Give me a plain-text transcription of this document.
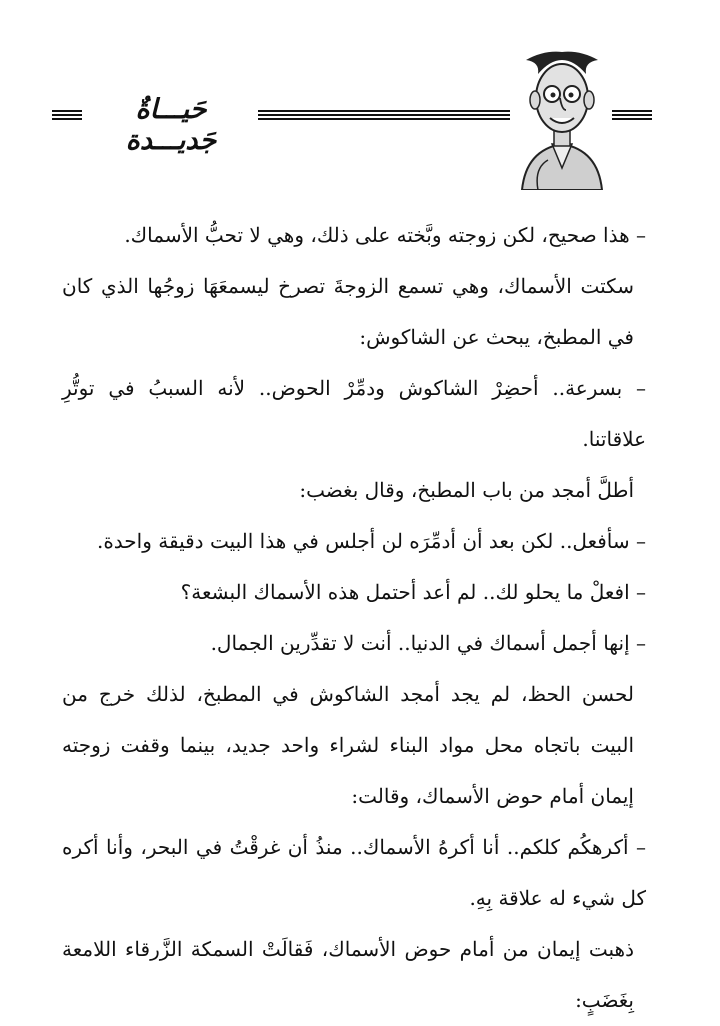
حَيـــاةٌ جَديـــدة

– هذا صحيح، لكن زوجته وبَّخته على ذلك، وهي لا تحبُّ الأسماك.

سكتت الأسماك، وهي تسمع الزوجةَ تصرخ ليسمعَهَا زوجُها الذي كان في المطبخ، يبحث عن الشاكوش:

– بسرعة.. أحضِرْ الشاكوش ودمِّرْ الحوض.. لأنه السببُ في توتُّرِ علاقاتنا.

أطلَّ أمجد من باب المطبخ، وقال بغضب:

– سأفعل.. لكن بعد أن أدمِّرَه لن أجلس في هذا البيت دقيقة واحدة.

– افعلْ ما يحلو لك.. لم أعد أحتمل هذه الأسماك البشعة؟

– إنها أجمل أسماك في الدنيا.. أنت لا تقدِّرين الجمال.

لحسن الحظ، لم يجد أمجد الشاكوش في المطبخ، لذلك خرج من البيت باتجاه محل مواد البناء لشراء واحد جديد، بينما وقفت زوجته إيمان أمام حوض الأسماك، وقالت:

– أكرهكُم كلكم.. أنا أكرهُ الأسماك.. منذُ أن غرقْتُ في البحر، وأنا أكره كل شيء له علاقة بِهِ.

ذهبت إيمان من أمام حوض الأسماك، فَقالَتْ السمكة الزَّرقاء اللامعة بِغَضَبٍ:
